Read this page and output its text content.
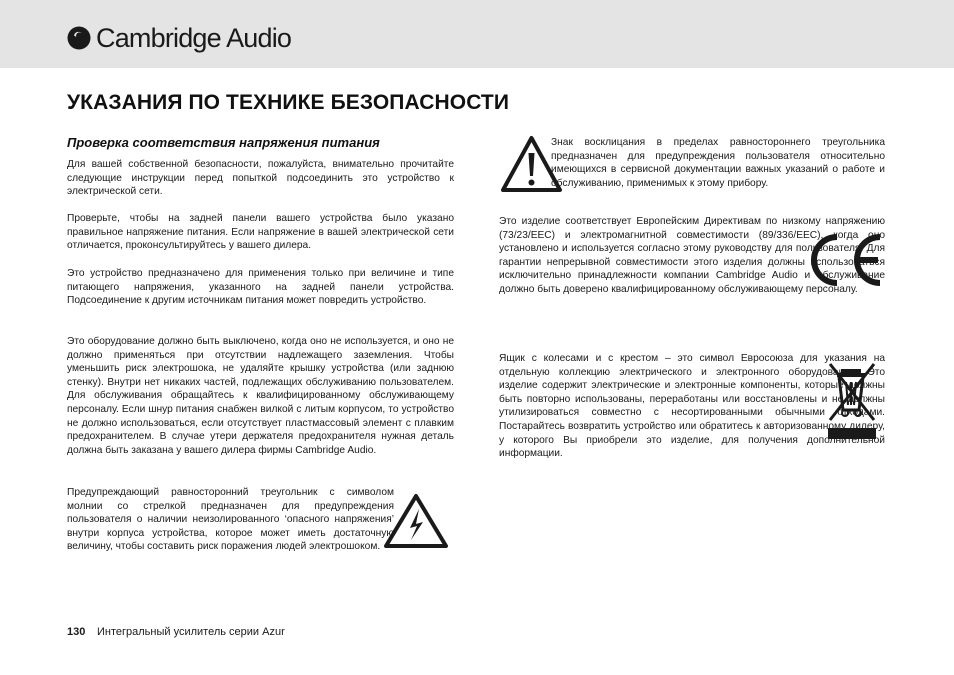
Cambridge Audio
УКАЗАНИЯ ПО ТЕХНИКЕ БЕЗОПАСНОСТИ
Проверка соответствия напряжения питания

Для вашей собственной безопасности, пожалуйста, внимательно прочитайте следующие инструкции перед попыткой подсоединить это устройство к электрической сети.

Проверьте, чтобы на задней панели вашего устройства было указано правильное напряжение питания. Если напряжение в вашей электрической сети отличается, проконсультируйтесь у вашего дилера.

Это устройство предназначено для применения только при величине и типе питающего напряжения, указанного на задней панели устройства. Подсоединение к другим источникам питания может повредить устройство.

Это оборудование должно быть выключено, когда оно не используется, и оно не должно применяться при отсутствии надлежащего заземления. Чтобы уменьшить риск электрошока, не удаляйте крышку устройства (или заднюю стенку). Внутри нет никаких частей, подлежащих обслуживанию пользователем. Для обслуживания обращайтесь к квалифицированному обслуживающему персоналу. Если шнур питания снабжен вилкой с литым корпусом, то устройство не должно использоваться, если отсутствует пластмассовый элемент с плавким предохранителем. В случае утери держателя предохранителя нужная деталь должна быть заказана у вашего дилера фирмы Cambridge Audio.

Предупреждающий равносторонний треугольник с символом молнии со стрелкой предназначен для предупреждения пользователя о наличии неизолированного ‘опасного напряжения’ внутри корпуса устройства, которое может иметь достаточную величину, чтобы составить риск поражения людей электрошоком.

Знак восклицания в пределах равностороннего треугольника предназначен для предупреждения пользователя относительно имеющихся в сервисной документации важных указаний о работе и обслуживанию, применимых к этому прибору.

Это изделие соответствует Европейским Директивам по низкому напряжению (73/23/EEC) и электромагнитной совместимости (89/336/EEC), когда оно установлено и используется согласно этому руководству для пользователя. Для гарантии непрерывной совместимости этого изделия должны использоваться исключительно принадлежности компании Cambridge Audio и обслуживание должно быть доверено квалифицированному обслуживающему персоналу.

Ящик с колесами и с крестом – это символ Евросоюза для указания на отдельную коллекцию электрического и электронного оборудования. Это изделие содержит электрические и электронные компоненты, которые должны быть повторно использованы, переработаны или восстановлены и не должны утилизироваться совместно с несортированными обычными отходами. Постарайтесь возвратить устройство или обратитесь к авторизованному дилеру, у которого Вы приобрели это изделие, для получения дополнительной информации.

130 Интегральный усилитель серии Azur
